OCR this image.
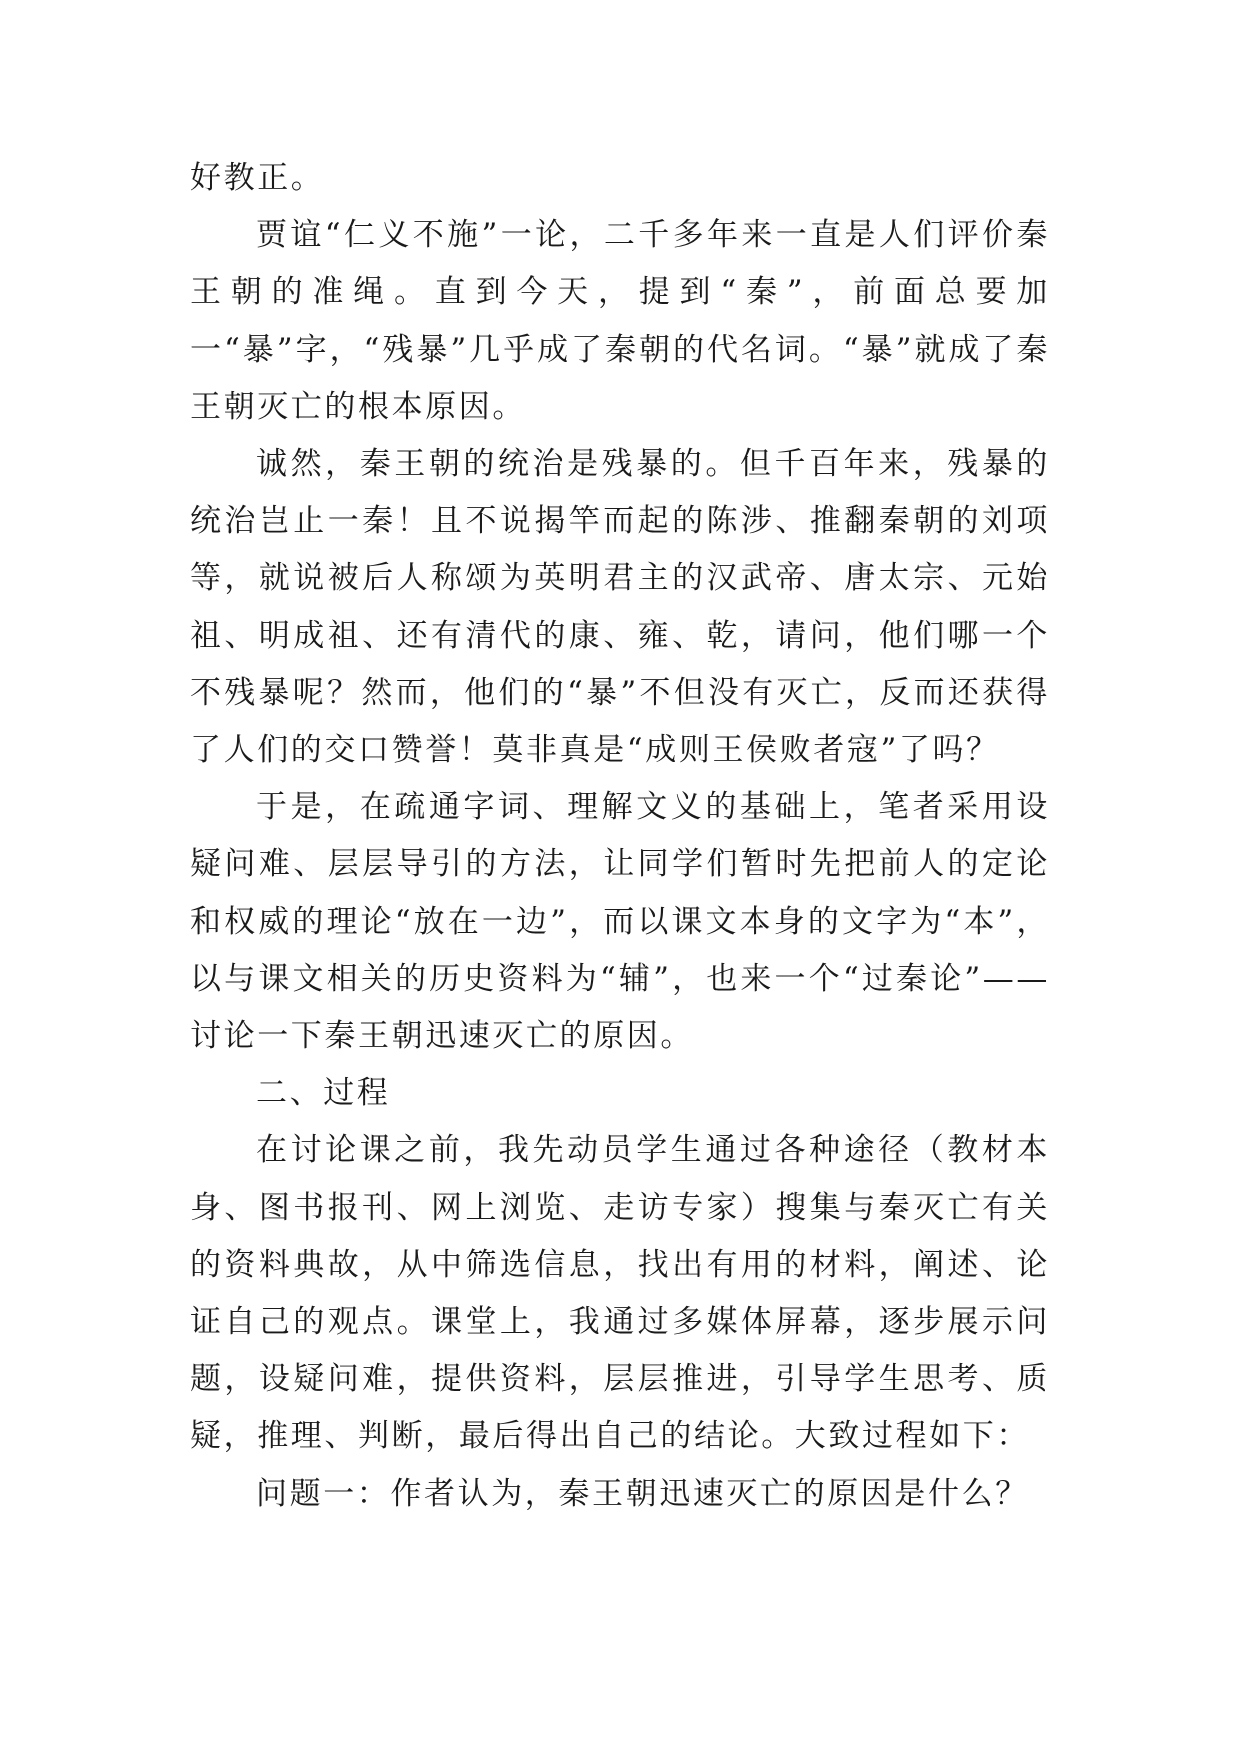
好教正。

贾谊“仁义不施”一论，二千多年来一直是人们评价秦王朝的准绳。直到今天，提到“秦”，前面总要加一“暴”字，“残暴”几乎成了秦朝的代名词。“暴”就成了秦王朝灭亡的根本原因。

诚然，秦王朝的统治是残暴的。但千百年来，残暴的统治岂止一秦！且不说揭竿而起的陈涉、推翻秦朝的刘项等，就说被后人称颂为英明君主的汉武帝、唐太宗、元始祖、明成祖、还有清代的康、雍、乾，请问，他们哪一个不残暴呢？然而，他们的“暴”不但没有灭亡，反而还获得了人们的交口赞誉！莫非真是“成则王侯败者寇”了吗？

于是，在疏通字词、理解文义的基础上，笔者采用设疑问难、层层导引的方法，让同学们暂时先把前人的定论和权威的理论“放在一边”，而以课文本身的文字为“本”，以与课文相关的历史资料为“辅”，也来一个“过秦论”——讨论一下秦王朝迅速灭亡的原因。

二、过程

在讨论课之前，我先动员学生通过各种途径（教材本身、图书报刊、网上浏览、走访专家）搜集与秦灭亡有关的资料典故，从中筛选信息，找出有用的材料，阐述、论证自己的观点。课堂上，我通过多媒体屏幕，逐步展示问题，设疑问难，提供资料，层层推进，引导学生思考、质疑，推理、判断，最后得出自己的结论。大致过程如下：

问题一：作者认为，秦王朝迅速灭亡的原因是什么？
